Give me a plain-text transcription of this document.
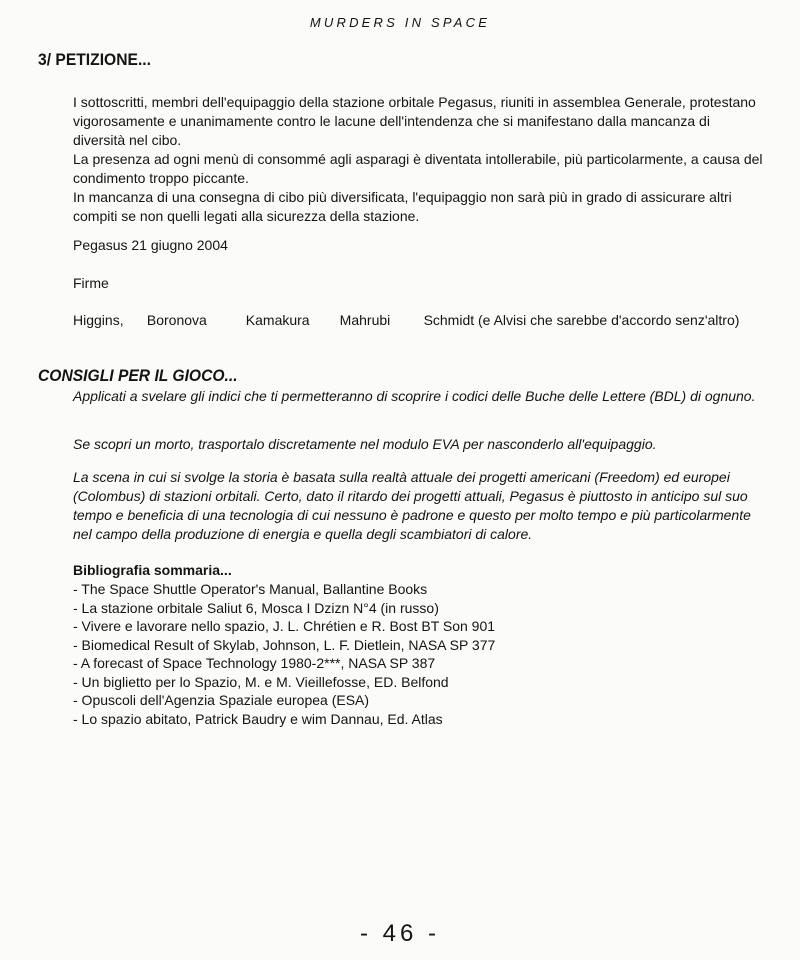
MURDERS IN SPACE
3/ PETIZIONE...

I sottoscritti, membri dell'equipaggio della stazione orbitale Pegasus, riuniti in assemblea Generale, protestano vigorosamente e unanimamente contro le lacune dell'intendenza che si manifestano dalla mancanza di diversità nel cibo.

La presenza ad ogni menù di consommé agli asparagi è diventata intollerabile, più particolarmente, a causa del condimento troppo piccante.

In mancanza di una consegna di cibo più diversificata, l'equipaggio non sarà più in grado di assicurare altri compiti se non quelli legati alla sicurezza della stazione.

Pegasus 21 giugno 2004
Firme
Higgins, Boronova	Kamakura Mahrubi Schmidt (e Alvisi che sarebbe d'accordo senz'altro)
CONSIGLI PER IL GIOCO...
Applicati a svelare gli indici che ti permetteranno di scoprire i codici delle Buche delle Lettere (BDL) di ognuno.
Se scopri un morto, trasportalo discretamente nel modulo EVA per nasconderlo all'equipaggio.
La scena in cui si svolge la storia è basata sulla realtà attuale dei progetti americani (Freedom) ed europei (Colombus) di stazioni orbitali. Certo, dato il ritardo dei progetti attuali, Pegasus è piuttosto in anticipo sul suo tempo e beneficia di una tecnologia di cui nessuno è padrone e questo per molto tempo e più particolarmente nel campo della produzione di energia e quella degli scambiatori di calore.
Bibliografia sommaria...
- The Space Shuttle Operator's Manual, Ballantine Books
- La stazione orbitale Saliut 6, Mosca I Dzizn N°4 (in russo)
- Vivere e lavorare nello spazio, J. L. Chrétien e R. Bost BT Son 901
- Biomedical Result of Skylab, Johnson, L. F. Dietlein, NASA SP 377
- A forecast of Space Technology 1980-2***, NASA SP 387
- Un biglietto per lo Spazio, M. e M. Vieillefosse, ED. Belfond
- Opuscoli dell'Agenzia Spaziale europea (ESA)
- Lo spazio abitato, Patrick Baudry e wim Dannau, Ed. Atlas
- 46 -
